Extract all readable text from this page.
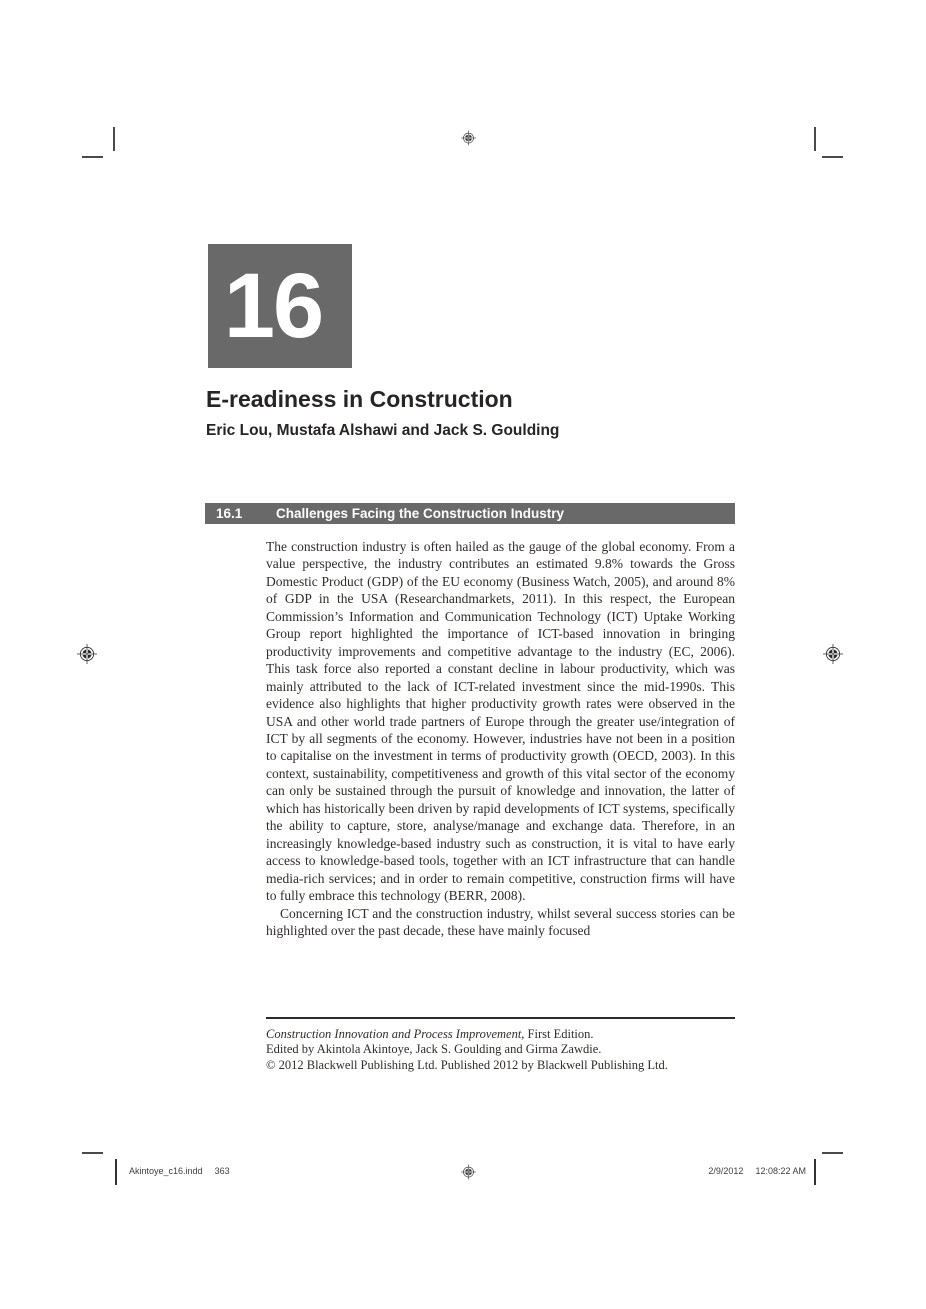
16
E-readiness in Construction
Eric Lou, Mustafa Alshawi and Jack S. Goulding
16.1	Challenges Facing the Construction Industry

The construction industry is often hailed as the gauge of the global economy. From a value perspective, the industry contributes an estimated 9.8% towards the Gross Domestic Product (GDP) of the EU economy (Business Watch, 2005), and around 8% of GDP in the USA (Researchandmarkets, 2011). In this respect, the European Commission’s Information and Communication Technology (ICT) Uptake Working Group report highlighted the importance of ICT-based innovation in bringing productivity improvements and competitive advantage to the industry (EC, 2006). This task force also reported a constant decline in labour productivity, which was mainly attributed to the lack of ICT-related investment since the mid-1990s. This evidence also highlights that higher productivity growth rates were observed in the USA and other world trade partners of Europe through the greater use/integration of ICT by all segments of the economy. However, industries have not been in a position to capitalise on the investment in terms of productivity growth (OECD, 2003). In this context, sustainability, competitiveness and growth of this vital sector of the economy can only be sustained through the pursuit of knowledge and innovation, the latter of which has historically been driven by rapid developments of ICT systems, specifically the ability to capture, store, analyse/manage and exchange data. Therefore, in an increasingly knowledge-based industry such as construction, it is vital to have early access to knowledge-based tools, together with an ICT infrastructure that can handle media-rich services; and in order to remain competitive, construction firms will have to fully embrace this technology (BERR, 2008).

Concerning ICT and the construction industry, whilst several success stories can be highlighted over the past decade, these have mainly focused

Construction Innovation and Process Improvement, First Edition.
Edited by Akintola Akintoye, Jack S. Goulding and Girma Zawdie.
© 2012 Blackwell Publishing Ltd. Published 2012 by Blackwell Publishing Ltd.
Akintoye_c16.indd 363	2/9/2012 12:08:22 AM
